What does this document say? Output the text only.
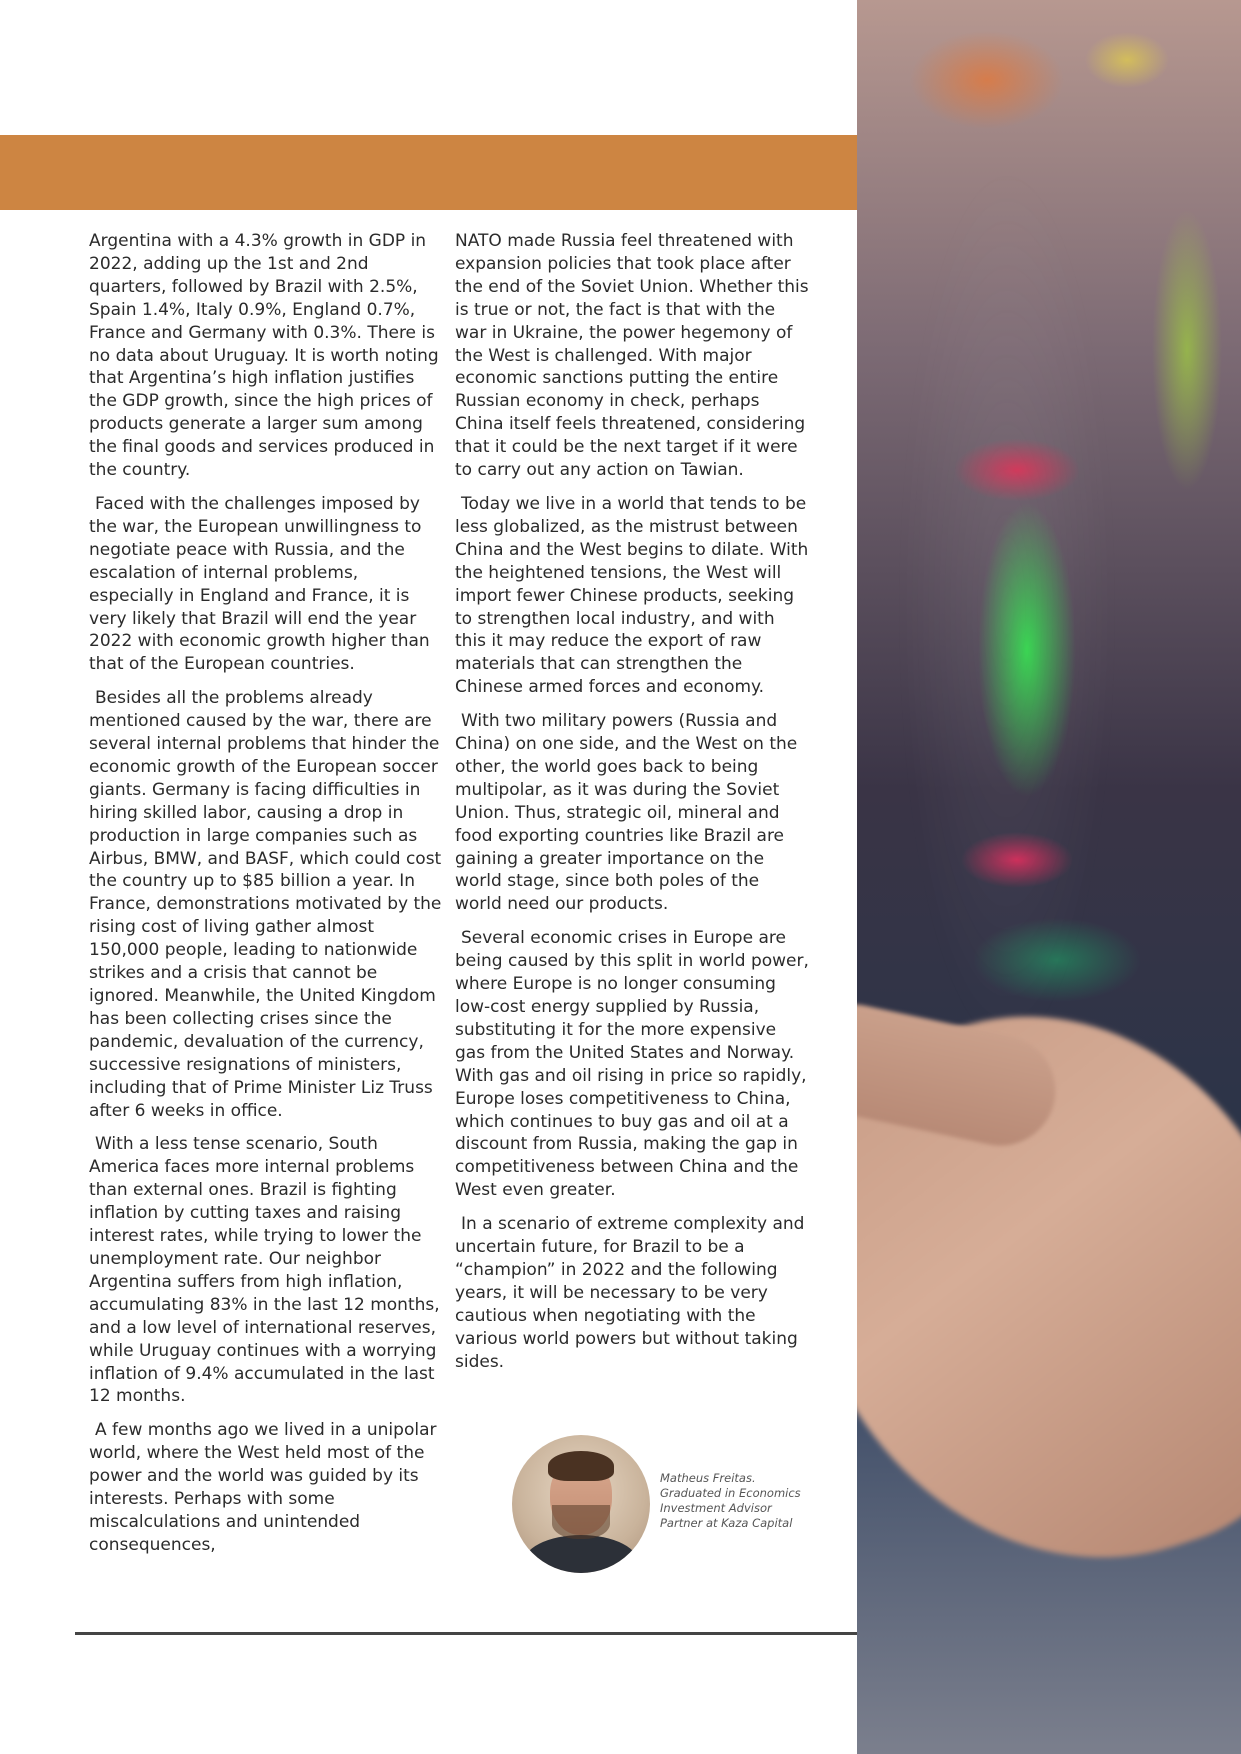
Argentina with a 4.3% growth in GDP in 2022, adding up the 1st and 2nd quarters, followed by Brazil with 2.5%, Spain 1.4%, Italy 0.9%, England 0.7%, France and Germany with 0.3%. There is no data about Uruguay. It is worth noting that Argentina’s high inflation justifies the GDP growth, since the high prices of products generate a larger sum among the final goods and services produced in the country.

Faced with the challenges imposed by the war, the European unwillingness to negotiate peace with Russia, and the escalation of internal problems, especially in England and France, it is very likely that Brazil will end the year 2022 with economic growth higher than that of the European countries.

Besides all the problems already mentioned caused by the war, there are several internal problems that hinder the economic growth of the European soccer giants. Germany is facing difficulties in hiring skilled labor, causing a drop in production in large companies such as Airbus, BMW, and BASF, which could cost the country up to $85 billion a year. In France, demonstrations motivated by the rising cost of living gather almost 150,000 people, leading to nationwide strikes and a crisis that cannot be ignored. Meanwhile, the United Kingdom has been collecting crises since the pandemic, devaluation of the currency, successive resignations of ministers, including that of Prime Minister Liz Truss after 6 weeks in office.

With a less tense scenario, South America faces more internal problems than external ones. Brazil is fighting inflation by cutting taxes and raising interest rates, while trying to lower the unemployment rate. Our neighbor Argentina suffers from high inflation, accumulating 83% in the last 12 months, and a low level of international reserves, while Uruguay continues with a worrying inflation of 9.4% accumulated in the last 12 months.

A few months ago we lived in a unipolar world, where the West held most of the power and the world was guided by its interests. Perhaps with some miscalculations and unintended consequences,

NATO made Russia feel threatened with expansion policies that took place after the end of the Soviet Union. Whether this is true or not, the fact is that with the war in Ukraine, the power hegemony of the West is challenged. With major economic sanctions putting the entire Russian economy in check, perhaps China itself feels threatened, considering that it could be the next target if it were to carry out any action on Tawian.

Today we live in a world that tends to be less globalized, as the mistrust between China and the West begins to dilate. With the heightened tensions, the West will import fewer Chinese products, seeking to strengthen local industry, and with this it may reduce the export of raw materials that can strengthen the Chinese armed forces and economy.

With two military powers (Russia and China) on one side, and the West on the other, the world goes back to being multipolar, as it was during the Soviet Union. Thus, strategic oil, mineral and food exporting countries like Brazil are gaining a greater importance on the world stage, since both poles of the world need our products.

Several economic crises in Europe are being caused by this split in world power, where Europe is no longer consuming low-cost energy supplied by Russia, substituting it for the more expensive gas from the United States and Norway. With gas and oil rising in price so rapidly, Europe loses competitiveness to China, which continues to buy gas and oil at a discount from Russia, making the gap in competitiveness between China and the West even greater.

In a scenario of extreme complexity and uncertain future, for Brazil to be a “champion” in 2022 and the following years, it will be necessary to be very cautious when negotiating with the various world powers but without taking sides.

Matheus Freitas.
Graduated in Economics
Investment Advisor
Partner at Kaza Capital
